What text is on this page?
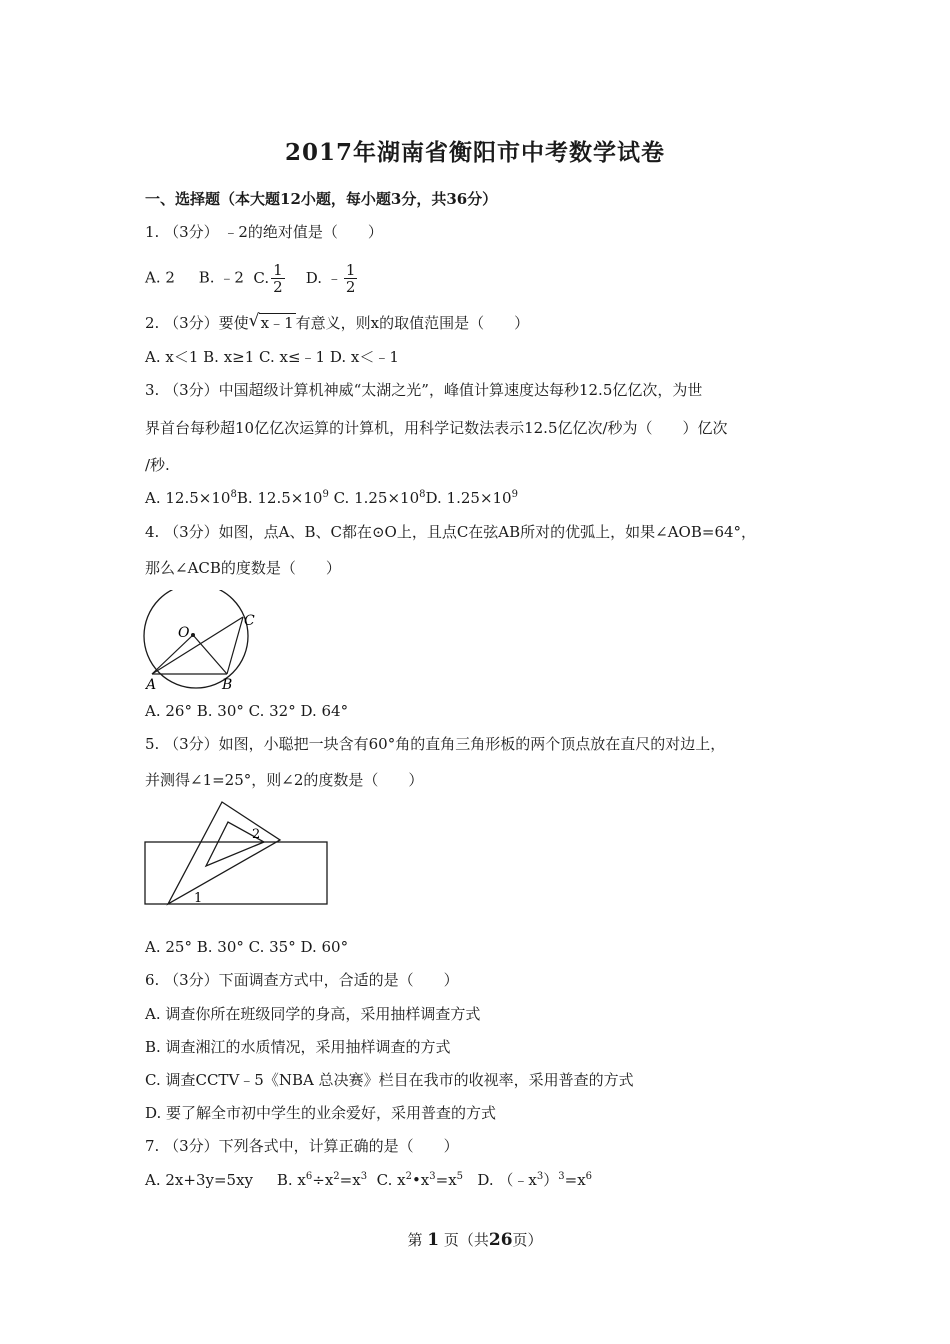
2017年湖南省衡阳市中考数学试卷
一、选择题（本大题12小题，每小题3分，共36分）
1. （3分） ﹣2的绝对值是（　　）
A. 2 B. ﹣2 C. $\frac{1}{2} D$. ﹣ $\frac{1}{2}$
2. （3分）要使 √ x﹣1 有意义，则x的取值范围是（　　）
A. x＜1 B. x≥1 C. x≤﹣1 D. x＜﹣1
3. （3分）中国超级计算机神威“太湖之光”，峰值计算速度达每秒12.5亿亿次，为世
界首台每秒超10亿亿次运算的计算机，用科学记数法表示12.5亿亿次/秒为（　　）亿次
/秒.
A. $12.5\times 10^8B$. $12.5\times 10^9$ C. $1.25\times 10^8D$. $1.25\times 10^9$
4. （3分）如图，点A、B、C都在⊙O上，且点C在弦AB所对的优弧上，如果∠AOB=64°，
那么∠ACB的度数是（　　）
O
C
A	B
A. 26° B. 30° C. 32° D. 64°
5. （3分）如图，小聪把一块含有60°角的直角三角形板的两个顶点放在直尺的对边上，
并测得∠1=25°，则∠2的度数是（　　）
1
2
A. 25° B. 30° C. 35° D. 60°
6. （3分）下面调查方式中，合适的是（　　）
A. 调查你所在班级同学的身高，采用抽样调查方式
B. 调查湘江的水质情况，采用抽样调查的方式
C. 调查CCTV﹣5《NBA 总决赛》栏目在我市的收视率，采用普查的方式
D. 要了解全市初中学生的业余爱好，采用普查的方式
7. （3分）下列各式中，计算正确的是（　　）
A. 2x+3y=5xy B. $x^6\div x^2=x^3$ C. $x^2•x^3=x^5$ D. $(﹣x^3)^3=x^6$
第 1 页（共26页）
